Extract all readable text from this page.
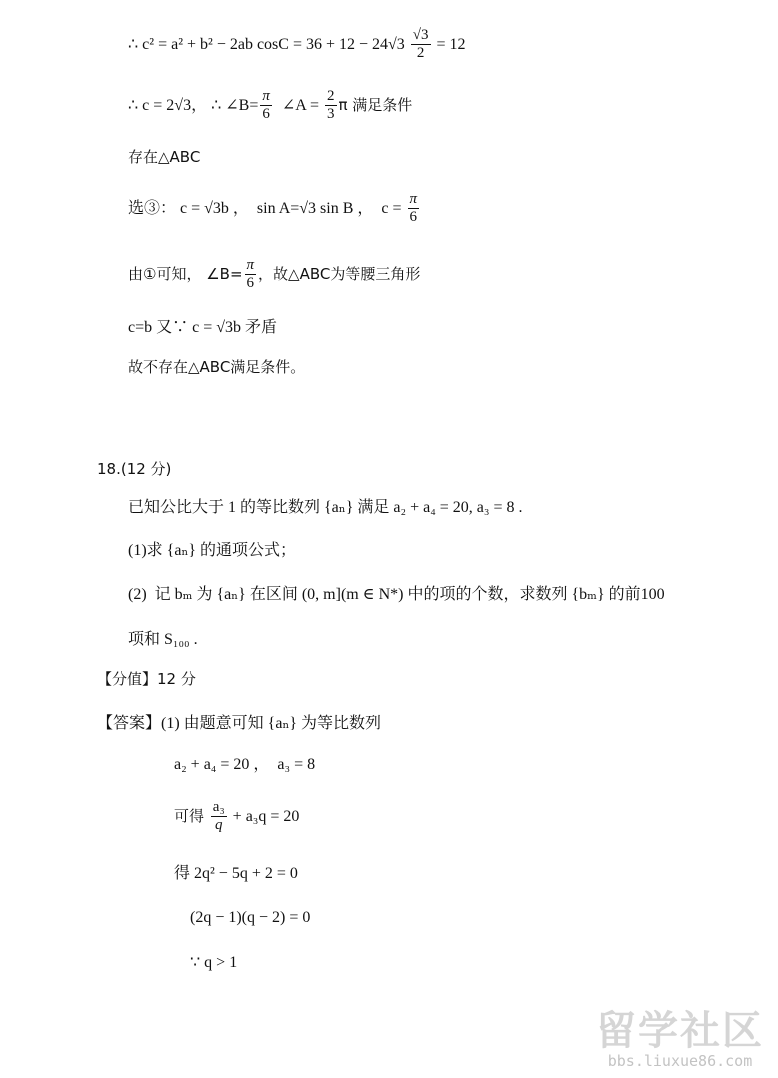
∴ c² = a² + b² − 2ab $\cos C = 36 + 12 - 24√3 \frac{√3}{2} = 12$
∴ c = 2√3， ∴ ∠B= $\frac{\pi}{6}$ ∠A = $\frac{2}{3}$ π 满足条件
存在△ABC
选③： c = √3b ，  sin A=√3 sin B ，  $c = \frac{\pi}{6}$
由①可知， ∠B= $\frac{\pi}{6}$ ，故△ABC为等腰三角形
c=b 又∵ c = √3b 矛盾
故不存在△ABC满足条件。
18.(12 分)
已知公比大于 1 的等比数列 {aₙ} 满足 a₂ + a₄ = 20, a₃ = 8 .
(1)求 {aₙ} 的通项公式；
(2)  记 bₘ 为 {aₙ} 在区间 (0, m](m ∈ N*) 中的项的个数，求数列 {bₘ} 的前100
项和 S₁₀₀ .
【分值】12 分
【答案】(1) 由题意可知 {aₙ} 为等比数列
a₂ + a₄ = 20 ，  a₃ = 8
可得 $\frac{\text{a₃}}{q} + a_3q = 20$
得 2q² − 5q + 2 = 0
(2q − 1)(q − 2) = 0
∵ q > 1
留学社区
bbs.liuxue86.com
